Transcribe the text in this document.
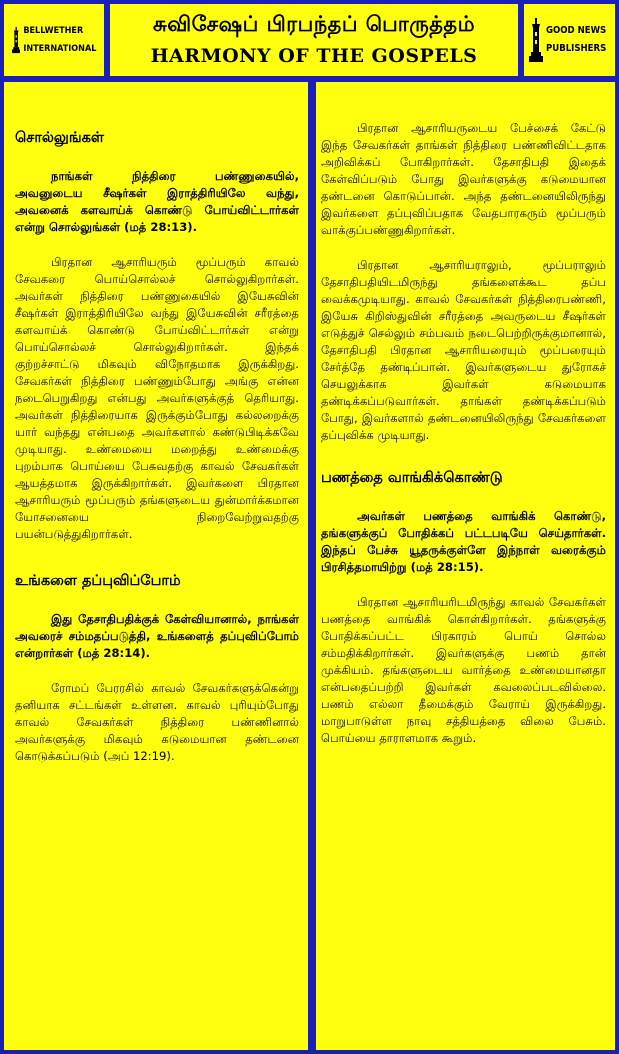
BELLWETHER INTERNATIONAL
சுவிசேஷப் பிரபந்தப் பொருத்தம்
HARMONY OF THE GOSPELS
GOOD NEWS PUBLISHERS
சொல்லுங்கள்

நாங்கள் நித்திரை பண்ணுகையில், அவனுடைய சீஷர்கள் இராத்திரியிலே வந்து, அவனைக் களவாய்க் கொண்டு போய்விட்டார்கள் என்று சொல்லுங்கள் (மத் 28:13).

பிரதான ஆசாரியரும் மூப்பரும் காவல் சேவகரை பொய்சொல்லச் சொல்லுகிறார்கள். அவர்கள் நித்திரை பண்ணுகையில் இயேசுவின் சீஷர்கள் இராத்திரியிலே வந்து இயேசுவின் சரீரத்தை களவாய்க் கொண்டு போய்விட்டார்கள் என்று பொய்சொல்லச் சொல்லுகிறார்கள். இந்தக் குற்றச்சாட்டு மிகவும் விநோதமாக இருக்கிறது. சேவகர்கள் நித்திரை பண்ணும்போது அங்கு என்ன நடைபெறுகிறது என்பது அவர்களுக்குத் தெரியாது. அவர்கள் நித்திரையாக இருக்கும்போது கல்லறைக்கு யார் வந்தது என்பதை அவர்களால் கண்டுபிடிக்கவே முடியாது. உண்மையை மறைத்து உண்மைக்கு புறம்பாக பொய்யை பேசுவதற்கு காவல் சேவகர்கள் ஆயத்தமாக இருக்கிறார்கள். இவர்களை பிரதான ஆசாரியரும் மூப்பரும் தங்களுடைய துன்மார்க்கமான யோசனையை நிறைவேற்றுவதற்கு பயன்படுத்துகிறார்கள்.

உங்களை தப்புவிப்போம்

இது தேசாதிபதிக்குக் கேள்வியானால், நாங்கள் அவரைச் சம்மதப்படுத்தி, உங்களைத் தப்புவிப்போம் என்றார்கள் (மத் 28:14).

ரோமப் பேரரசில் காவல் சேவகர்களுக்கென்று தனியாக சட்டங்கள் உள்ளன. காவல் புரியும்போது காவல் சேவகர்கள் நித்திரை பண்ணினால் அவர்களுக்கு மிகவும் கடுமையான தண்டனை கொடுக்கப்படும் (அப் 12:19).

பிரதான ஆசாரியருடைய பேச்சைக் கேட்டு இந்த சேவகர்கள் தாங்கள் நித்திரை பண்ணிவிட்டதாக அறிவிக்கப் போகிறார்கள். தேசாதிபதி இதைக் கேள்விப்படும் போது இவர்களுக்கு கடுமையான தண்டனை கொடுப்பான். அந்த தண்டனையிலிருந்து இவர்களை தப்புவிப்பதாக வேதபாரகரும் மூப்பரும் வாக்குப்பண்ணுகிறார்கள்.

பிரதான ஆசாரியராலும், மூப்பராலும் தேசாதிபதியிடமிருந்து தங்களைக்கூட தப்ப வைக்கமுடியாது. காவல் சேவகர்கள் நித்திரைபண்ணி, இயேசு கிறிஸ்துவின் சரீரத்தை அவருடைய சீஷர்கள் எடுத்துச் செல்லும் சம்பவம் நடைபெற்றிருக்குமானால், தேசாதிபதி பிரதான ஆசாரியரையும் மூப்பரையும் சேர்த்தே தண்டிப்பான். இவர்களுடைய துரோகச் செயலுக்காக இவர்கள் கடுமையாக தண்டிக்கப்படுவார்கள். தாங்கள் தண்டிக்கப்படும் போது, இவர்களால் தண்டனையிலிருந்து சேவகர்களை தப்புவிக்க முடியாது.

பணத்தை வாங்கிக்கொண்டு

அவர்கள் பணத்தை வாங்கிக் கொண்டு, தங்களுக்குப் போதிக்கப் பட்டபடியே செய்தார்கள். இந்தப் பேச்சு யூதருக்குள்ளே இந்நாள் வரைக்கும் பிரசித்தமாயிற்று (மத் 28:15).

பிரதான ஆசாரியரிடமிருந்து காவல் சேவகர்கள் பணத்தை வாங்கிக் கொள்கிறார்கள். தங்களுக்கு போதிக்கப்பட்ட பிரகாரம் பொய் சொல்ல சம்மதிக்கிறார்கள். இவர்களுக்கு பணம் தான் முக்கியம். தங்களுடைய வார்த்தை உண்மையானதா என்பதைப்பற்றி இவர்கள் கவலைப்படவில்லை. பணம் எல்லா தீமைக்கும் வேராய் இருக்கிறது. மாறுபாடுள்ள நாவு சத்தியத்தை விலை பேசும். பொய்யை தாராளமாக கூறும்.
